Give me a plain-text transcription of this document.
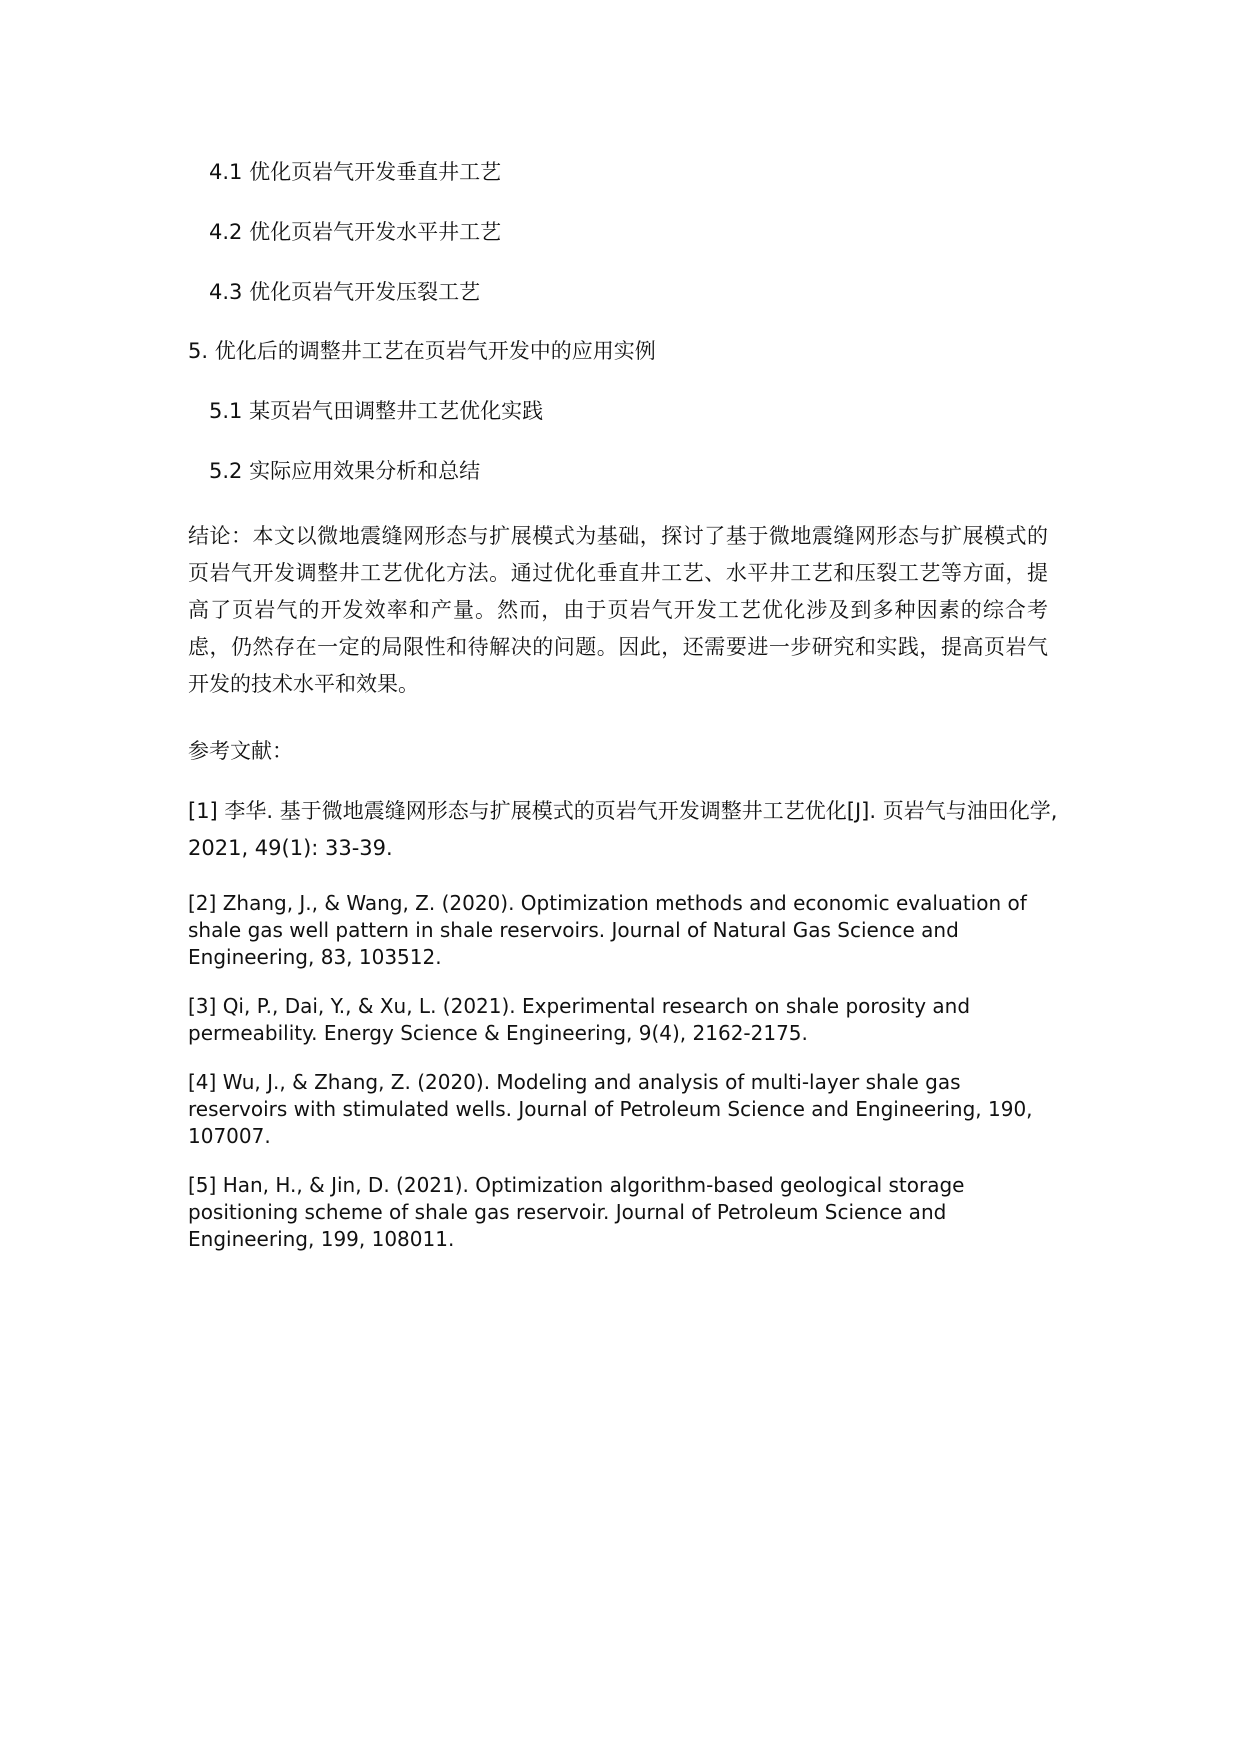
4.1 优化页岩气开发垂直井工艺
4.2 优化页岩气开发水平井工艺
4.3 优化页岩气开发压裂工艺
5. 优化后的调整井工艺在页岩气开发中的应用实例
5.1 某页岩气田调整井工艺优化实践
5.2 实际应用效果分析和总结
结论：本文以微地震缝网形态与扩展模式为基础，探讨了基于微地震缝网形态与扩展模式的页岩气开发调整井工艺优化方法。通过优化垂直井工艺、水平井工艺和压裂工艺等方面，提高了页岩气的开发效率和产量。然而，由于页岩气开发工艺优化涉及到多种因素的综合考虑，仍然存在一定的局限性和待解决的问题。因此，还需要进一步研究和实践，提高页岩气开发的技术水平和效果。
参考文献：
[1] 李华. 基于微地震缝网形态与扩展模式的页岩气开发调整井工艺优化[J]. 页岩气与油田化学, 2021, 49(1): 33-39.
[2] Zhang, J., & Wang, Z. (2020). Optimization methods and economic evaluation of shale gas well pattern in shale reservoirs. Journal of Natural Gas Science and Engineering, 83, 103512.
[3] Qi, P., Dai, Y., & Xu, L. (2021). Experimental research on shale porosity and permeability. Energy Science & Engineering, 9(4), 2162-2175.
[4] Wu, J., & Zhang, Z. (2020). Modeling and analysis of multi-layer shale gas reservoirs with stimulated wells. Journal of Petroleum Science and Engineering, 190, 107007.
[5] Han, H., & Jin, D. (2021). Optimization algorithm-based geological storage positioning scheme of shale gas reservoir. Journal of Petroleum Science and Engineering, 199, 108011.
